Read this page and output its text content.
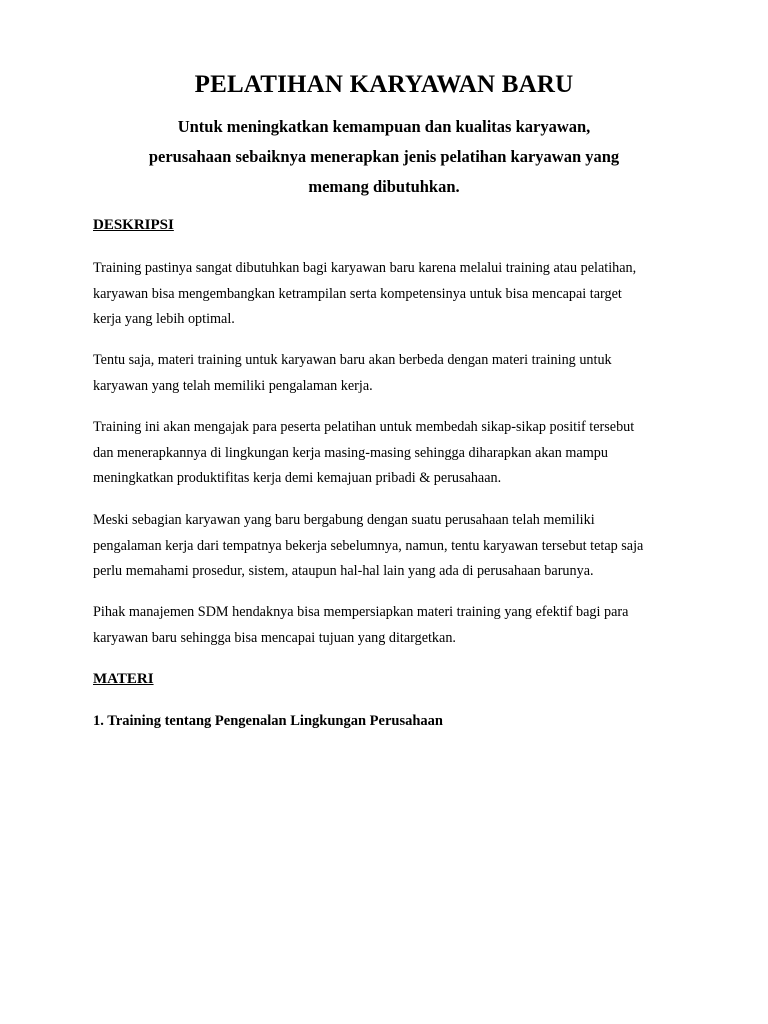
PELATIHAN KARYAWAN BARU
Untuk meningkatkan kemampuan dan kualitas karyawan,
perusahaan sebaiknya menerapkan jenis pelatihan karyawan yang
memang dibutuhkan.
DESKRIPSI
Training pastinya sangat dibutuhkan bagi karyawan baru karena melalui training atau pelatihan,
karyawan bisa mengembangkan ketrampilan serta kompetensinya untuk bisa mencapai target
kerja yang lebih optimal.
Tentu saja, materi training untuk karyawan baru akan berbeda dengan materi training untuk
karyawan yang telah memiliki pengalaman kerja.
Training ini akan mengajak para peserta pelatihan untuk membedah sikap-sikap positif tersebut
dan menerapkannya di lingkungan kerja masing-masing sehingga diharapkan akan mampu
meningkatkan produktifitas kerja demi kemajuan pribadi & perusahaan.
Meski sebagian karyawan yang baru bergabung dengan suatu perusahaan telah memiliki
pengalaman kerja dari tempatnya bekerja sebelumnya, namun, tentu karyawan tersebut tetap saja
perlu memahami prosedur, sistem, ataupun hal-hal lain yang ada di perusahaan barunya.
Pihak manajemen SDM hendaknya bisa mempersiapkan materi training yang efektif bagi para
karyawan baru sehingga bisa mencapai tujuan yang ditargetkan.
MATERI
1. Training tentang Pengenalan Lingkungan Perusahaan
